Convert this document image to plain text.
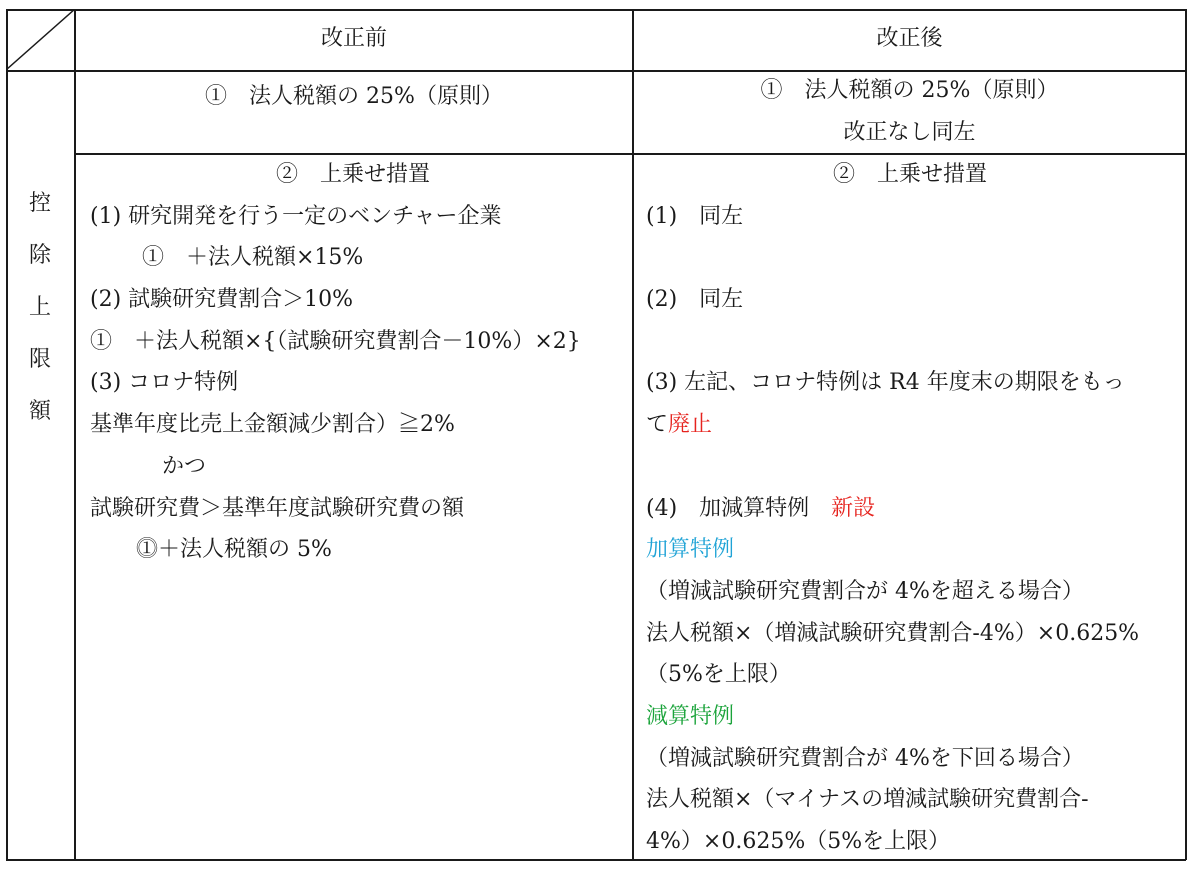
改正前	改正後
控
除
上
限
額
①　法人税額の 25%（原則）	①　法人税額の 25%（原則）
改正なし同左
②　上乗せ措置
(1) 研究開発を行う一定のベンチャー企業
①　＋法人税額×15%
(2) 試験研究費割合＞10%
①　＋法人税額×{（試験研究費割合－10%）×2}
(3) コロナ特例
基準年度比売上金額減少割合）≧2%
かつ
試験研究費＞基準年度試験研究費の額
⓵＋法人税額の 5%
②　上乗せ措置
(1)　同左
(2)　同左
(3) 左記、コロナ特例は R4 年度末の期限をもっ
て廃止
(4)　加減算特例　新設
加算特例
（増減試験研究費割合が 4%を超える場合）
法人税額×（増減試験研究費割合-4%）×0.625%
（5%を上限）
減算特例
（増減試験研究費割合が 4%を下回る場合）
法人税額×（マイナスの増減試験研究費割合-
4%）×0.625%（5%を上限）
